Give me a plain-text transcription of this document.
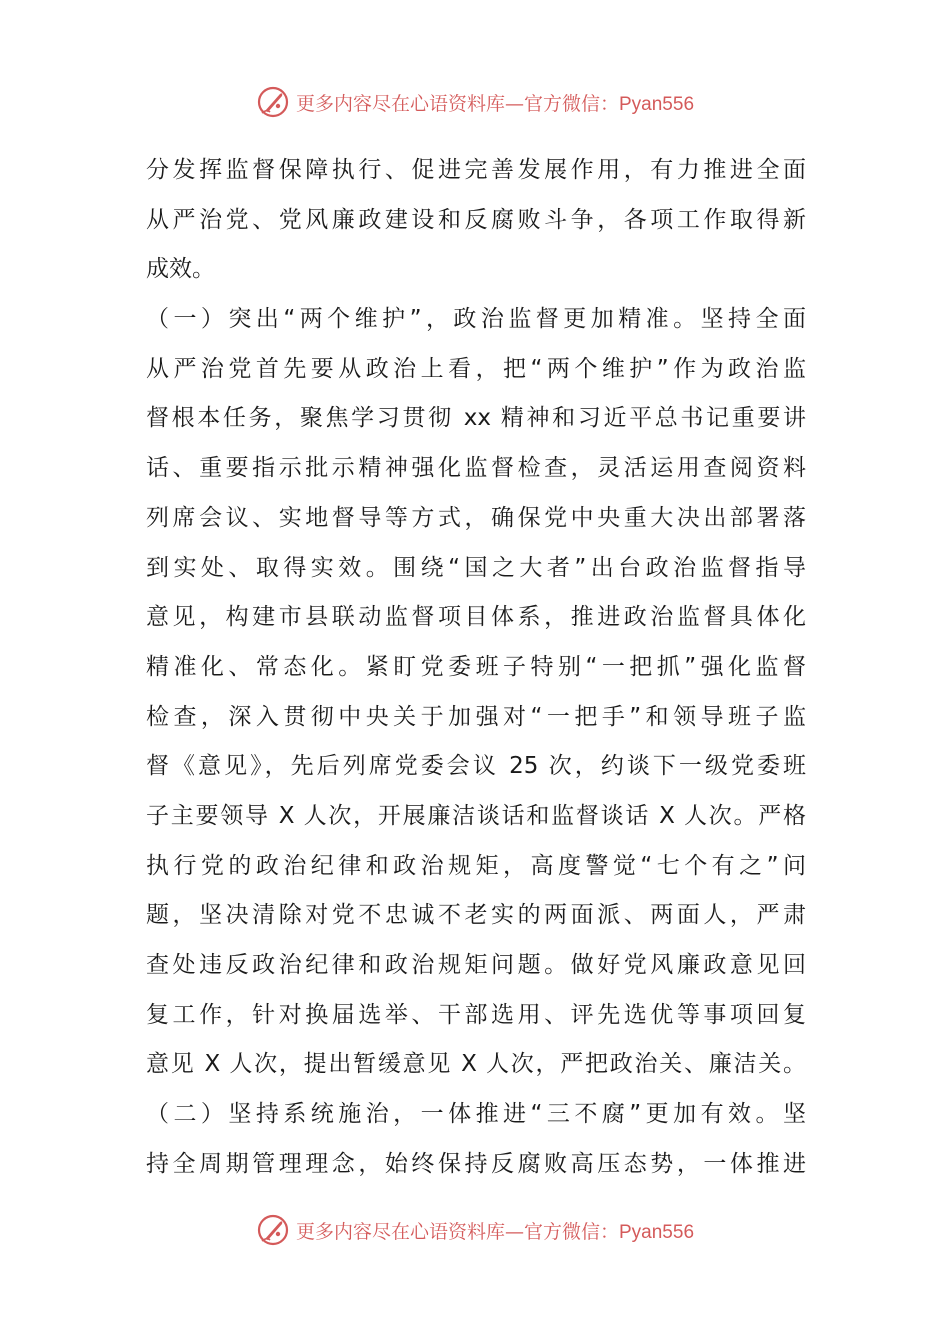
更多内容尽在心语资料库—官方微信：Pyan556
分发挥监督保障执行、促进完善发展作用，有力推进全面
从严治党、党风廉政建设和反腐败斗争，各项工作取得新
成效。
（一）突出“两个维护”，政治监督更加精准。坚持全面
从严治党首先要从政治上看，把“两个维护”作为政治监
督根本任务，聚焦学习贯彻 xx 精神和习近平总书记重要讲
话、重要指示批示精神强化监督检查，灵活运用查阅资料
列席会议、实地督导等方式，确保党中央重大决出部署落
到实处、取得实效。围绕“国之大者”出台政治监督指导
意见，构建市县联动监督项目体系，推进政治监督具体化
精准化、常态化。紧盯党委班子特别“一把抓”强化监督
检查，深入贯彻中央关于加强对“一把手”和领导班子监
督《意见》，先后列席党委会议 25 次，约谈下一级党委班
子主要领导 X 人次，开展廉洁谈话和监督谈话 X 人次。严格
执行党的政治纪律和政治规矩，高度警觉“七个有之”问
题，坚决清除对党不忠诚不老实的两面派、两面人，严肃
查处违反政治纪律和政治规矩问题。做好党风廉政意见回
复工作，针对换届选举、干部选用、评先选优等事项回复
意见 X 人次，提出暂缓意见 X 人次，严把政治关、廉洁关。
（二）坚持系统施治，一体推进“三不腐”更加有效。坚
持全周期管理理念，始终保持反腐败高压态势，一体推进
更多内容尽在心语资料库—官方微信：Pyan556
